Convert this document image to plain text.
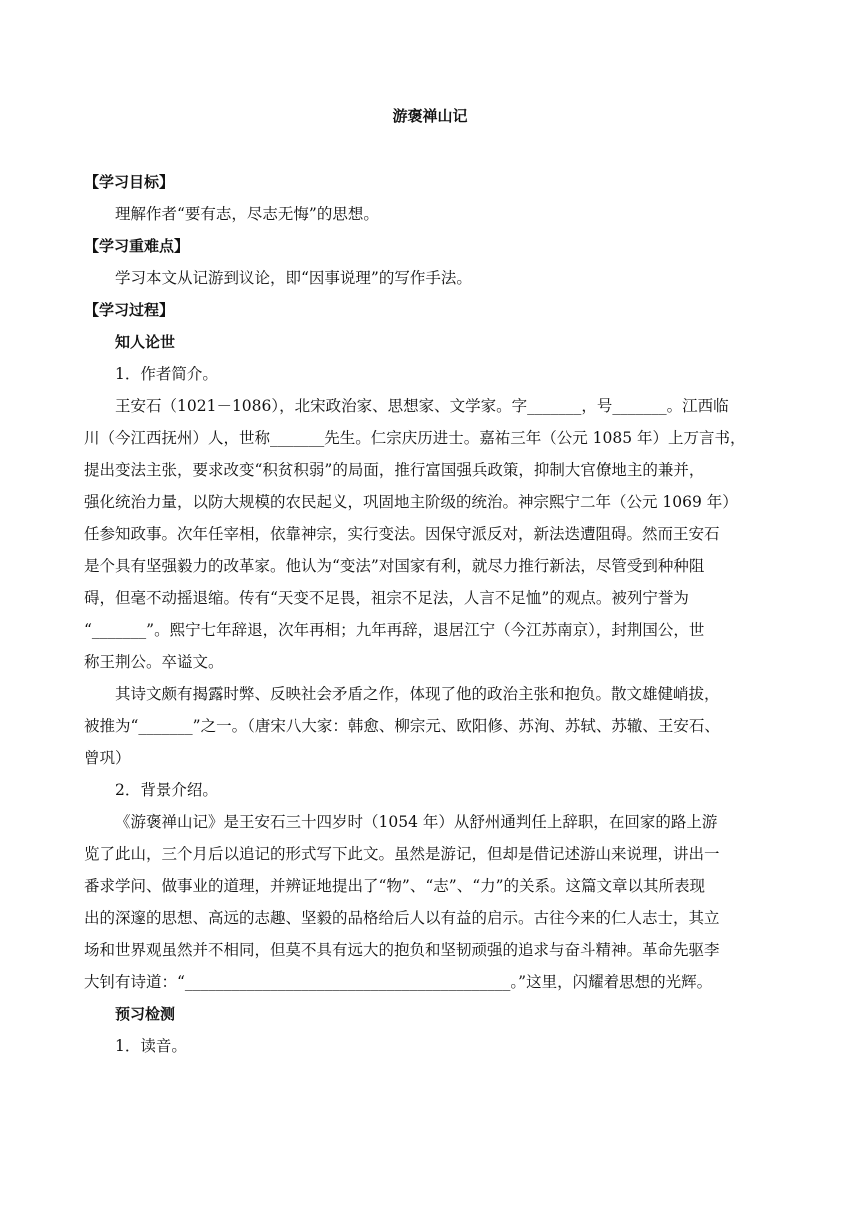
游褒禅山记
【学习目标】
理解作者“要有志，尽志无悔”的思想。
【学习重难点】
学习本文从记游到议论，即“因事说理”的写作手法。
【学习过程】
知人论世
1．作者简介。
王安石（1021－1086），北宋政治家、思想家、文学家。字_______，号_______。江西临
川（今江西抚州）人，世称_______先生。仁宗庆历进士。嘉祐三年（公元 1085 年）上万言书，
提出变法主张，要求改变“积贫积弱”的局面，推行富国强兵政策，抑制大官僚地主的兼并，
强化统治力量，以防大规模的农民起义，巩固地主阶级的统治。神宗熙宁二年（公元 1069 年）
任参知政事。次年任宰相，依靠神宗，实行变法。因保守派反对，新法迭遭阻碍。然而王安石
是个具有坚强毅力的改革家。他认为“变法”对国家有利，就尽力推行新法，尽管受到种种阻
碍，但毫不动摇退缩。传有“天变不足畏，祖宗不足法，人言不足恤”的观点。被列宁誉为
“_______”。熙宁七年辞退，次年再相；九年再辞，退居江宁（今江苏南京），封荆国公，世
称王荆公。卒谥文。
其诗文颇有揭露时弊、反映社会矛盾之作，体现了他的政治主张和抱负。散文雄健峭拔，
被推为“_______”之一。（唐宋八大家：韩愈、柳宗元、欧阳修、苏洵、苏轼、苏辙、王安石、
曾巩）
2．背景介绍。
《游褒禅山记》是王安石三十四岁时（1054 年）从舒州通判任上辞职，在回家的路上游
览了此山，三个月后以追记的形式写下此文。虽然是游记，但却是借记述游山来说理，讲出一
番求学问、做事业的道理，并辨证地提出了“物”、“志”、“力”的关系。这篇文章以其所表现
出的深邃的思想、高远的志趣、坚毅的品格给后人以有益的启示。古往今来的仁人志士，其立
场和世界观虽然并不相同，但莫不具有远大的抱负和坚韧顽强的追求与奋斗精神。革命先驱李
大钊有诗道：“__________________________________________。”这里，闪耀着思想的光辉。
预习检测
1．读音。
